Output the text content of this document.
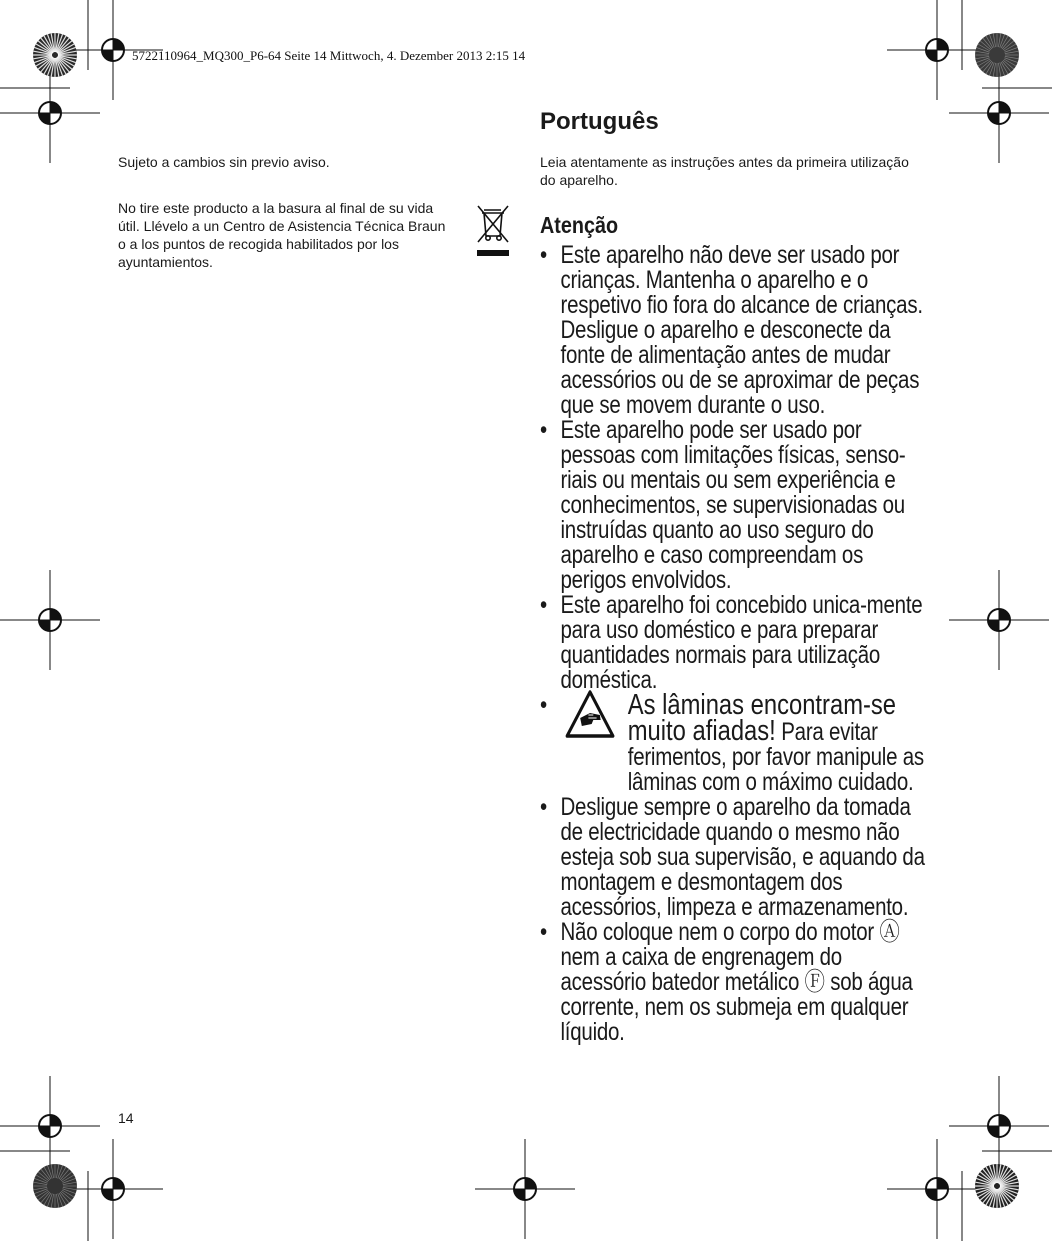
5722110964_MQ300_P6-64 Seite 14 Mittwoch, 4. Dezember 2013 2:15 14
Sujeto a cambios sin previo aviso.
No tire este producto a la basura al final de su vida útil. Llévelo a un Centro de Asistencia Técnica Braun o a los puntos de recogida habilitados por los ayuntamientos.
Português
Leia atentamente as instruções antes da primeira utilização do aparelho.
Atenção
• Este aparelho não deve ser usado por crianças. Mantenha o aparelho e o respetivo fio fora do alcance de crianças. Desligue o aparelho e desconecte da fonte de alimentação antes de mudar acessórios ou de se aproximar de peças que se movem durante o uso.
• Este aparelho pode ser usado por pessoas com limitações físicas, senso-riais ou mentais ou sem experiência e conhecimentos, se supervisionadas ou instruídas quanto ao uso seguro do aparelho e caso compreendam os perigos envolvidos.
• Este aparelho foi concebido unica-mente para uso doméstico e para preparar quantidades normais para utilização doméstica.
•	As lâminas encontram-se muito afiadas! Para evitar ferimentos, por favor manipule as lâminas com o máximo cuidado.
• Desligue sempre o aparelho da tomada de electricidade quando o mesmo não esteja sob sua supervisão, e aquando da montagem e desmontagem dos acessórios, limpeza e armazenamento.
• Não coloque nem o corpo do motor Ⓐ nem a caixa de engrenagem do acessório batedor metálico Ⓕ sob água corrente, nem os submeja em qualquer líquido.
14
